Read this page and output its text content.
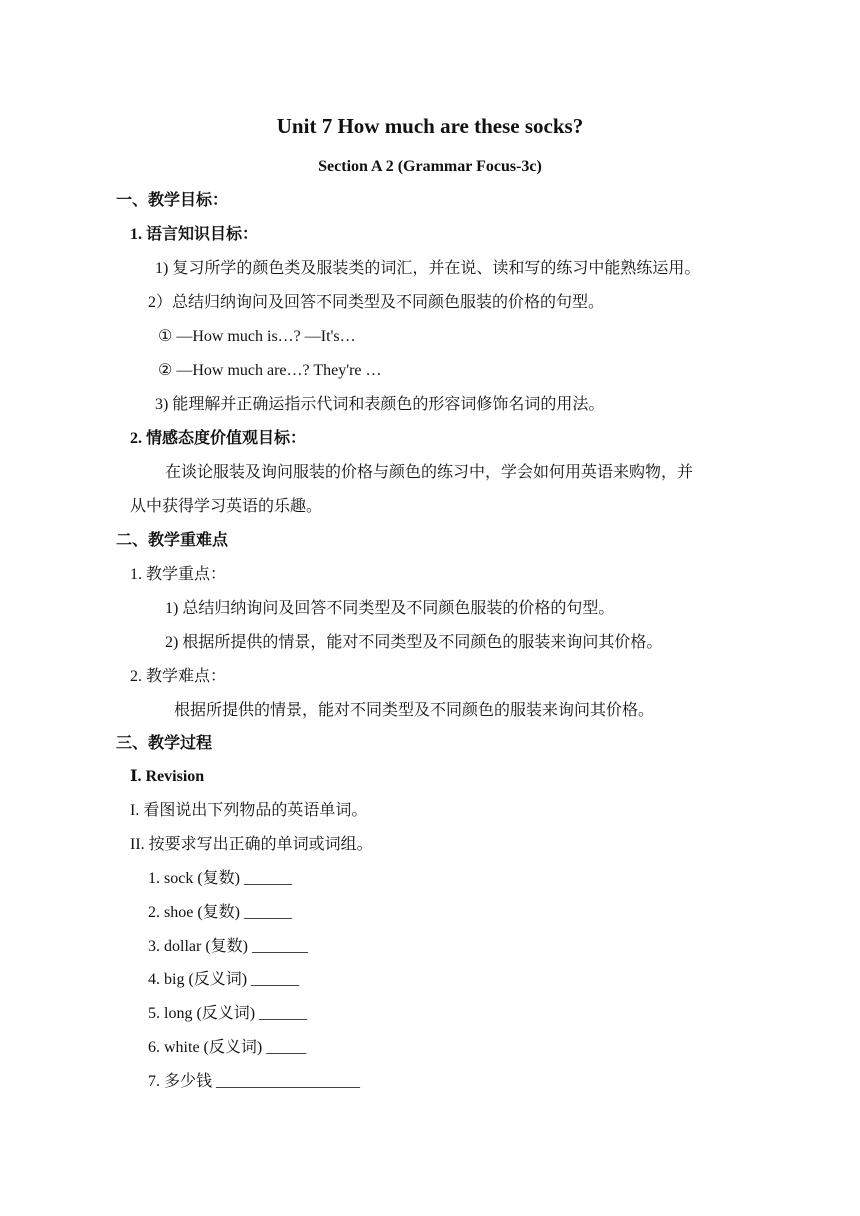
Unit 7 How much are these socks?
Section A 2 (Grammar Focus-3c)
一、教学目标：
1. 语言知识目标：
1) 复习所学的颜色类及服装类的词汇，并在说、读和写的练习中能熟练运用。
2）总结归纳询问及回答不同类型及不同颜色服装的价格的句型。
① —How much is…? —It's…
② —How much are…? They're …
3) 能理解并正确运指示代词和表颜色的形容词修饰名词的用法。
2. 情感态度价值观目标：
在谈论服装及询问服装的价格与颜色的练习中，学会如何用英语来购物，并
从中获得学习英语的乐趣。
二、教学重难点
1. 教学重点：
1) 总结归纳询问及回答不同类型及不同颜色服装的价格的句型。
2) 根据所提供的情景，能对不同类型及不同颜色的服装来询问其价格。
2. 教学难点：
根据所提供的情景，能对不同类型及不同颜色的服装来询问其价格。
三、教学过程
Ⅰ. Revision
I. 看图说出下列物品的英语单词。
II. 按要求写出正确的单词或词组。
1. sock (复数) ______
2. shoe (复数) ______
3. dollar (复数) _______
4. big (反义词) ______
5. long (反义词) ______
6. white (反义词) _____
7. 多少钱 __________________
